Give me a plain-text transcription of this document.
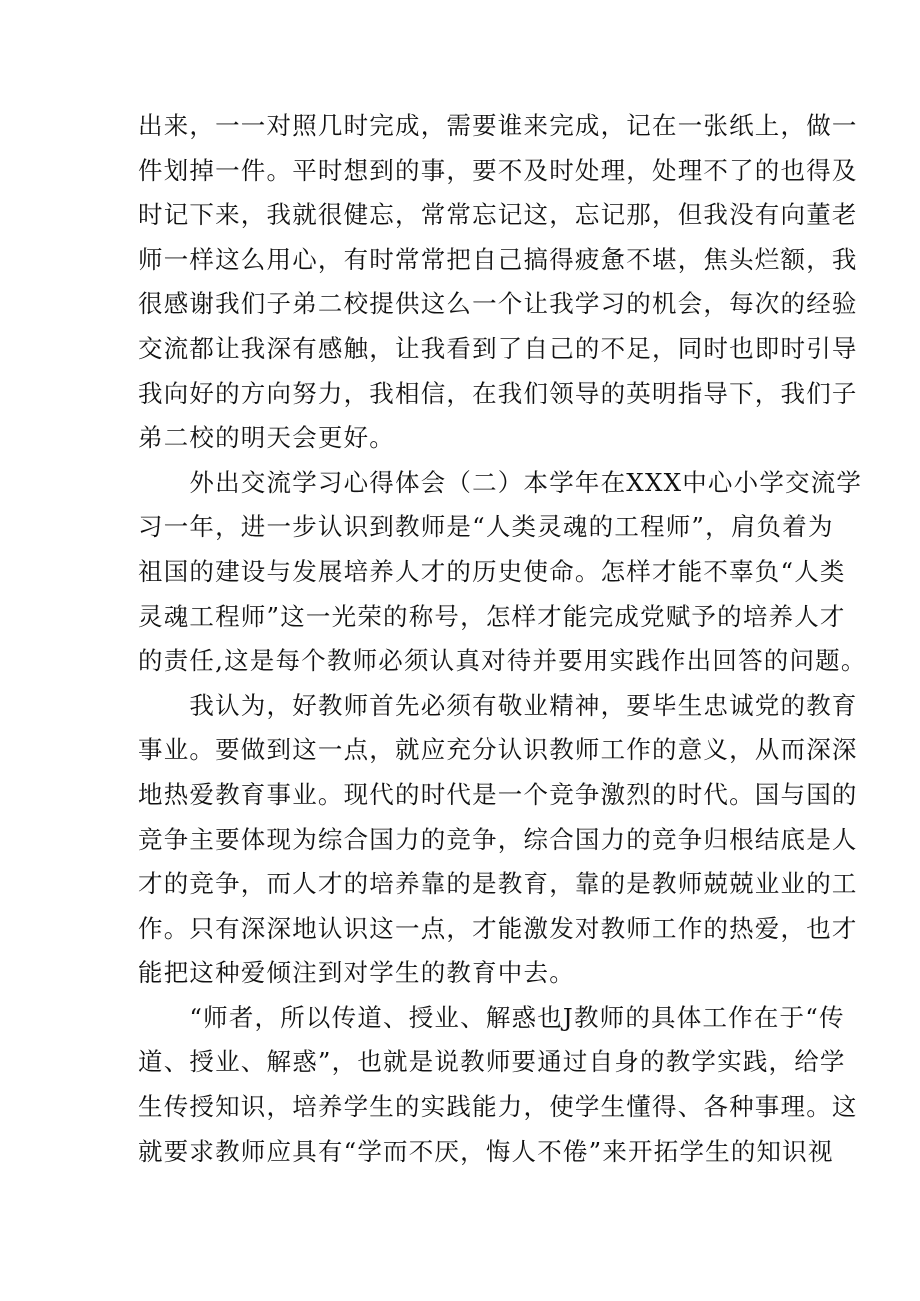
出来，一一对照几时完成，需要谁来完成，记在一张纸上，做一
件划掉一件。平时想到的事，要不及时处理，处理不了的也得及
时记下来，我就很健忘，常常忘记这，忘记那，但我没有向董老
师一样这么用心，有时常常把自己搞得疲惫不堪，焦头烂额，我
很感谢我们子弟二校提供这么一个让我学习的机会，每次的经验
交流都让我深有感触，让我看到了自己的不足，同时也即时引导
我向好的方向努力，我相信，在我们领导的英明指导下，我们子
弟二校的明天会更好。
　　外出交流学习心得体会（二）本学年在XXX中心小学交流学
习一年，进一步认识到教师是“人类灵魂的工程师”，肩负着为
祖国的建设与发展培养人才的历史使命。怎样才能不辜负“人类
灵魂工程师”这一光荣的称号，怎样才能完成党赋予的培养人才
的责任,这是每个教师必须认真对待并要用实践作出回答的问题。
　　我认为，好教师首先必须有敬业精神，要毕生忠诚党的教育
事业。要做到这一点，就应充分认识教师工作的意义，从而深深
地热爱教育事业。现代的时代是一个竞争激烈的时代。国与国的
竞争主要体现为综合国力的竞争，综合国力的竞争归根结底是人
才的竞争，而人才的培养靠的是教育，靠的是教师兢兢业业的工
作。只有深深地认识这一点，才能激发对教师工作的热爱，也才
能把这种爱倾注到对学生的教育中去。
　　“师者，所以传道、授业、解惑也J教师的具体工作在于“传
道、授业、解惑”，也就是说教师要通过自身的教学实践，给学
生传授知识，培养学生的实践能力，使学生懂得、各种事理。这
就要求教师应具有“学而不厌，悔人不倦”来开拓学生的知识视
